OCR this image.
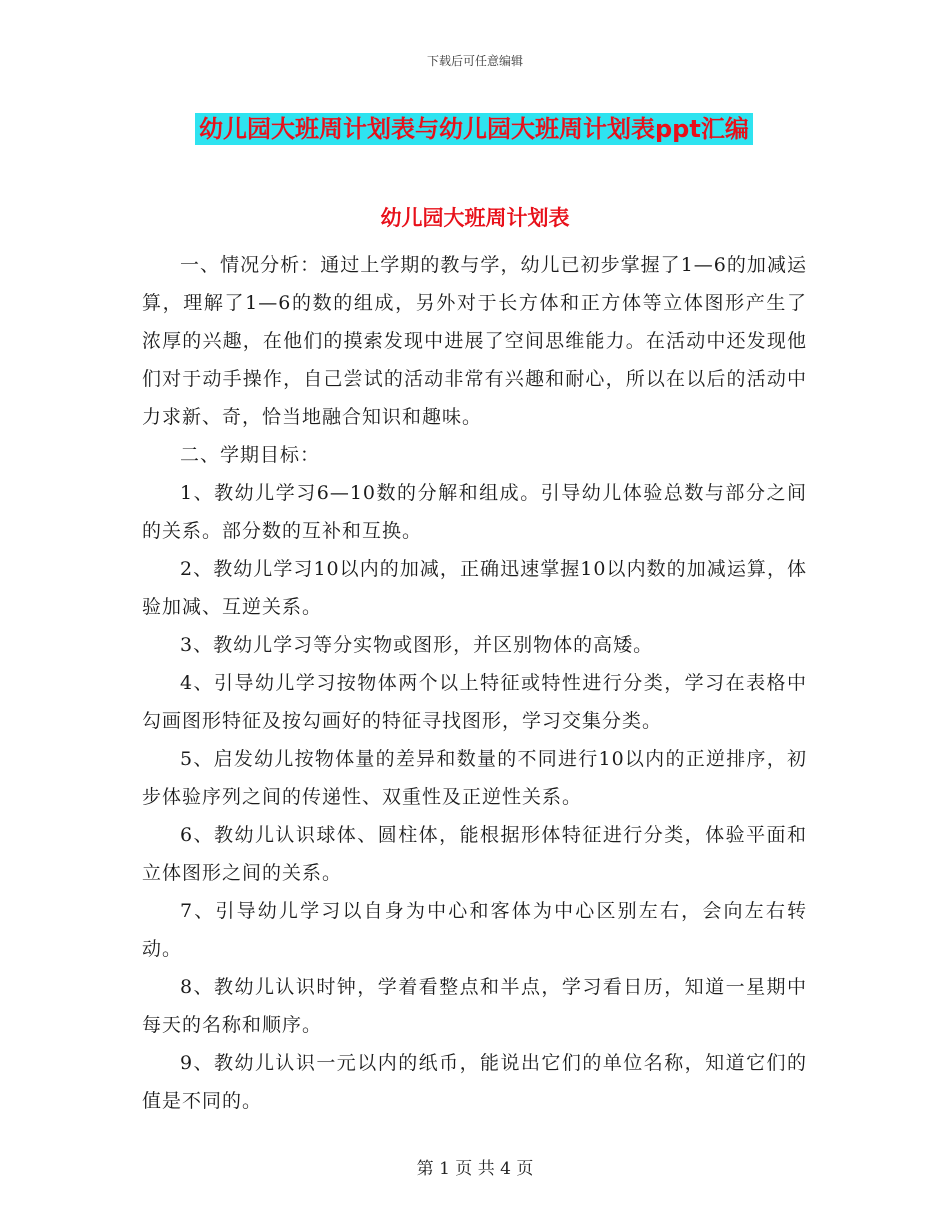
下载后可任意编辑
幼儿园大班周计划表与幼儿园大班周计划表ppt汇编
幼儿园大班周计划表

一、情况分析：通过上学期的教与学，幼儿已初步掌握了1—6的加减运算，理解了1—6的数的组成，另外对于长方体和正方体等立体图形产生了浓厚的兴趣，在他们的摸索发现中进展了空间思维能力。在活动中还发现他们对于动手操作，自己尝试的活动非常有兴趣和耐心，所以在以后的活动中力求新、奇，恰当地融合知识和趣味。

二、学期目标：

1、教幼儿学习6—10数的分解和组成。引导幼儿体验总数与部分之间的关系。部分数的互补和互换。

2、教幼儿学习10以内的加减，正确迅速掌握10以内数的加减运算，体验加减、互逆关系。

3、教幼儿学习等分实物或图形，并区别物体的高矮。

4、引导幼儿学习按物体两个以上特征或特性进行分类，学习在表格中勾画图形特征及按勾画好的特征寻找图形，学习交集分类。

5、启发幼儿按物体量的差异和数量的不同进行10以内的正逆排序，初步体验序列之间的传递性、双重性及正逆性关系。

6、教幼儿认识球体、圆柱体，能根据形体特征进行分类，体验平面和立体图形之间的关系。

7、引导幼儿学习以自身为中心和客体为中心区别左右，会向左右转动。

8、教幼儿认识时钟，学着看整点和半点，学习看日历，知道一星期中每天的名称和顺序。

9、教幼儿认识一元以内的纸币，能说出它们的单位名称，知道它们的值是不同的。

第 1 页 共 4 页
